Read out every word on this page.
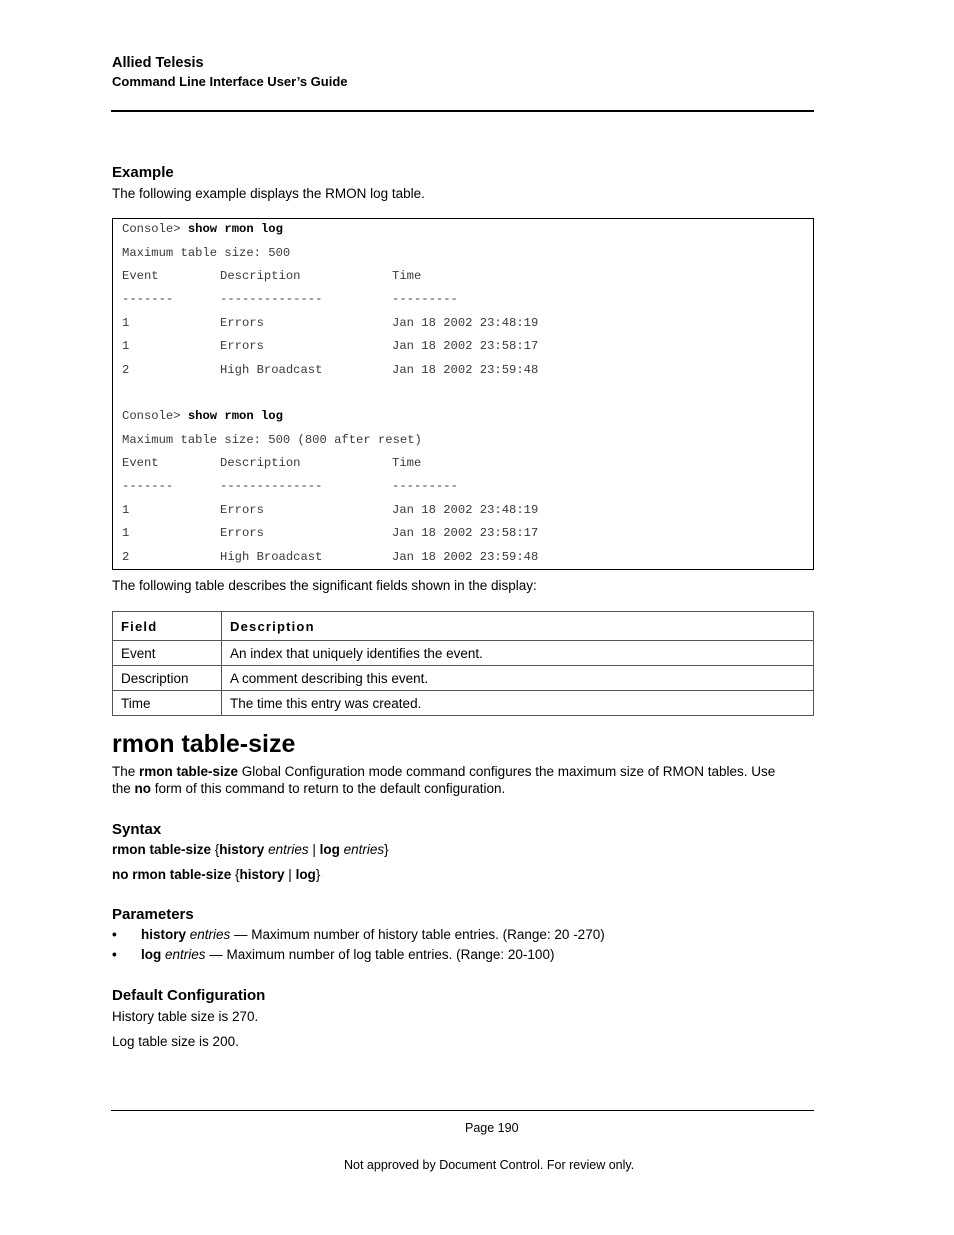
Allied Telesis
Command Line Interface User’s Guide
Example
The following example displays the RMON log table.
Console> show rmon log
Maximum table size: 500
Event	Description	Time

-------	--------------	---------

1	Errors	Jan 18 2002 23:48:19

1	Errors	Jan 18 2002 23:58:17

2	High Broadcast	Jan 18 2002 23:59:48

Console> show rmon log
Maximum table size: 500 (800 after reset)
Event	Description	Time

-------	--------------	---------

1	Errors	Jan 18 2002 23:48:19

1	Errors	Jan 18 2002 23:58:17

2	High Broadcast	Jan 18 2002 23:59:48

The following table describes the significant fields shown in the display:
Field	Description
Event	An index that uniquely identifies the event.
Description	A comment describing this event.
Time	The time this entry was created.
rmon table-size
The rmon table-size Global Configuration mode command configures the maximum size of RMON tables. Use
the no form of this command to return to the default configuration.
Syntax
rmon table-size {history entries | log entries}
no rmon table-size {history | log}
Parameters
• history entries — Maximum number of history table entries. (Range: 20 -270)
• log entries — Maximum number of log table entries. (Range: 20-100)
Default Configuration
History table size is 270.
Log table size is 200.
Page 190
Not approved by Document Control. For review only.
